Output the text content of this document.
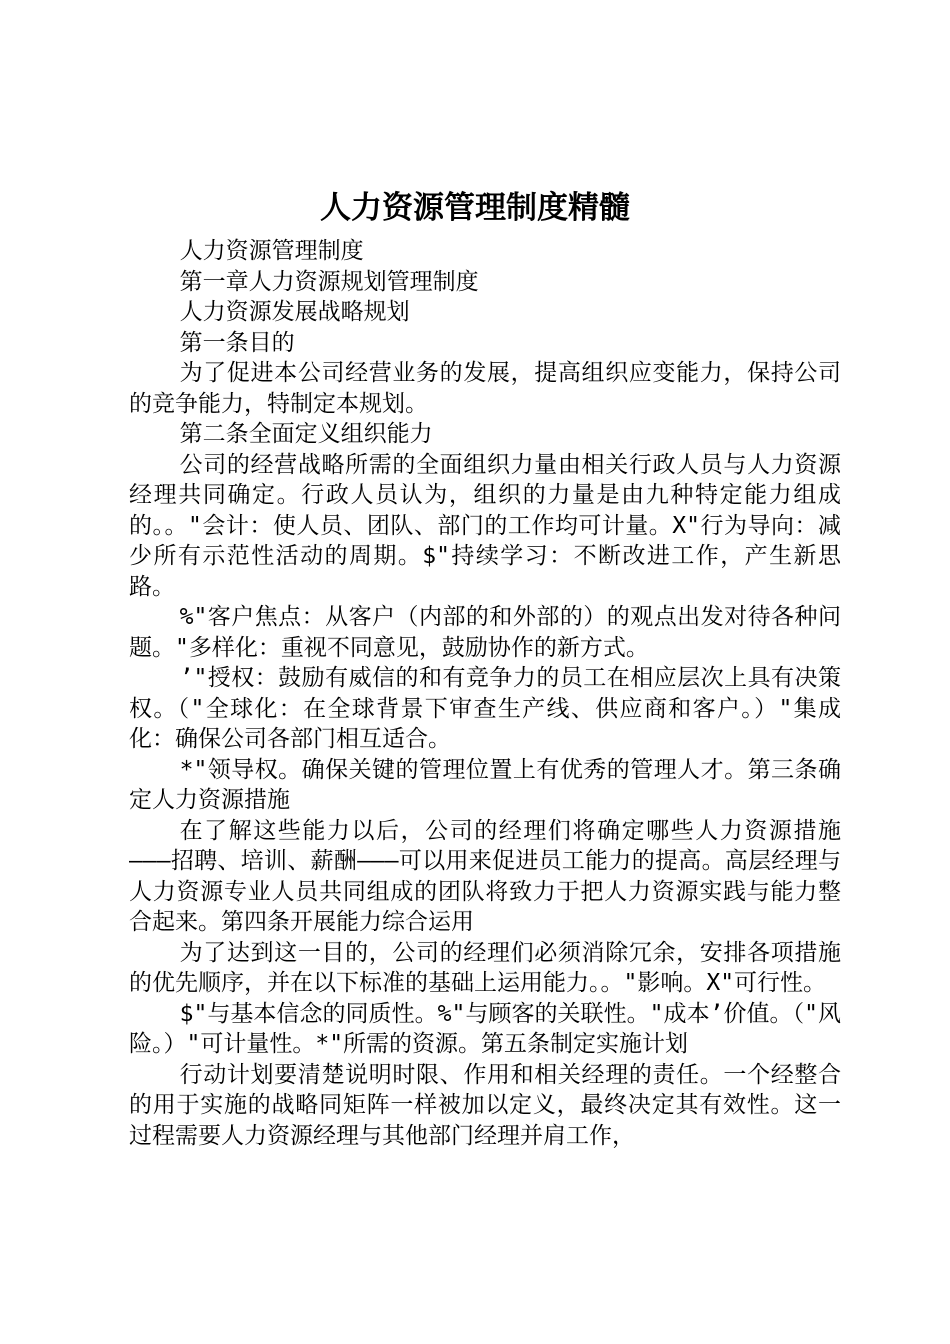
人力资源管理制度精髓

人力资源管理制度

第一章人力资源规划管理制度

人力资源发展战略规划

第一条目的

为了促进本公司经营业务的发展，提高组织应变能力，保持公司的竞争能力，特制定本规划。

第二条全面定义组织能力

公司的经营战略所需的全面组织力量由相关行政人员与人力资源经理共同确定。行政人员认为，组织的力量是由九种特定能力组成的。。"会计：使人员、团队、部门的工作均可计量。X"行为导向：减少所有示范性活动的周期。$"持续学习：不断改进工作，产生新思路。

%"客户焦点：从客户（内部的和外部的）的观点出发对待各种问题。"多样化：重视不同意见，鼓励协作的新方式。

’"授权：鼓励有威信的和有竞争力的员工在相应层次上具有决策权。（"全球化：在全球背景下审查生产线、供应商和客户。）"集成化：确保公司各部门相互适合。

*"领导权。确保关键的管理位置上有优秀的管理人才。第三条确定人力资源措施

在了解这些能力以后，公司的经理们将确定哪些人力资源措施———招聘、培训、薪酬———可以用来促进员工能力的提高。高层经理与人力资源专业人员共同组成的团队将致力于把人力资源实践与能力整合起来。第四条开展能力综合运用

为了达到这一目的，公司的经理们必须消除冗余，安排各项措施的优先顺序，并在以下标准的基础上运用能力。。"影响。X"可行性。

$"与基本信念的同质性。%"与顾客的关联性。"成本’价值。（"风险。）"可计量性。*"所需的资源。第五条制定实施计划

行动计划要清楚说明时限、作用和相关经理的责任。一个经整合的用于实施的战略同矩阵一样被加以定义，最终决定其有效性。这一过程需要人力资源经理与其他部门经理并肩工作，
